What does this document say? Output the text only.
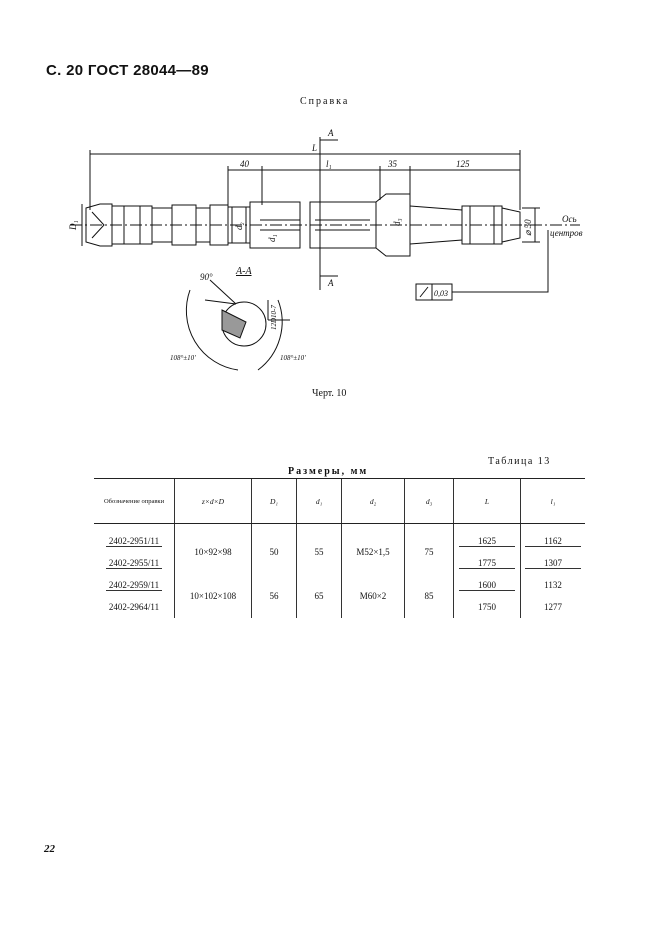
С. 20 ГОСТ 28044—89
Справка
А
А
L
40	l₁	35	125
D₁	d₂
d₁
d₃	⌀ 50
Ось
центров
0,03
А-А
90°
12D10-7
108°±10'	108°±10'
Черт. 10
Таблица 13
Размеры, мм
Обозначение оправки	z×d×D	D₁	d₁	d₂	d₃	L	l₁
2402-2951/11	10×92×98	50	55	M52×1,5	75	1625	1162
2402-2955/11						1775	1307
2402-2959/11	10×102×108	56	65	M60×2	85	1600	1132
2402-2964/11						1750	1277
22
